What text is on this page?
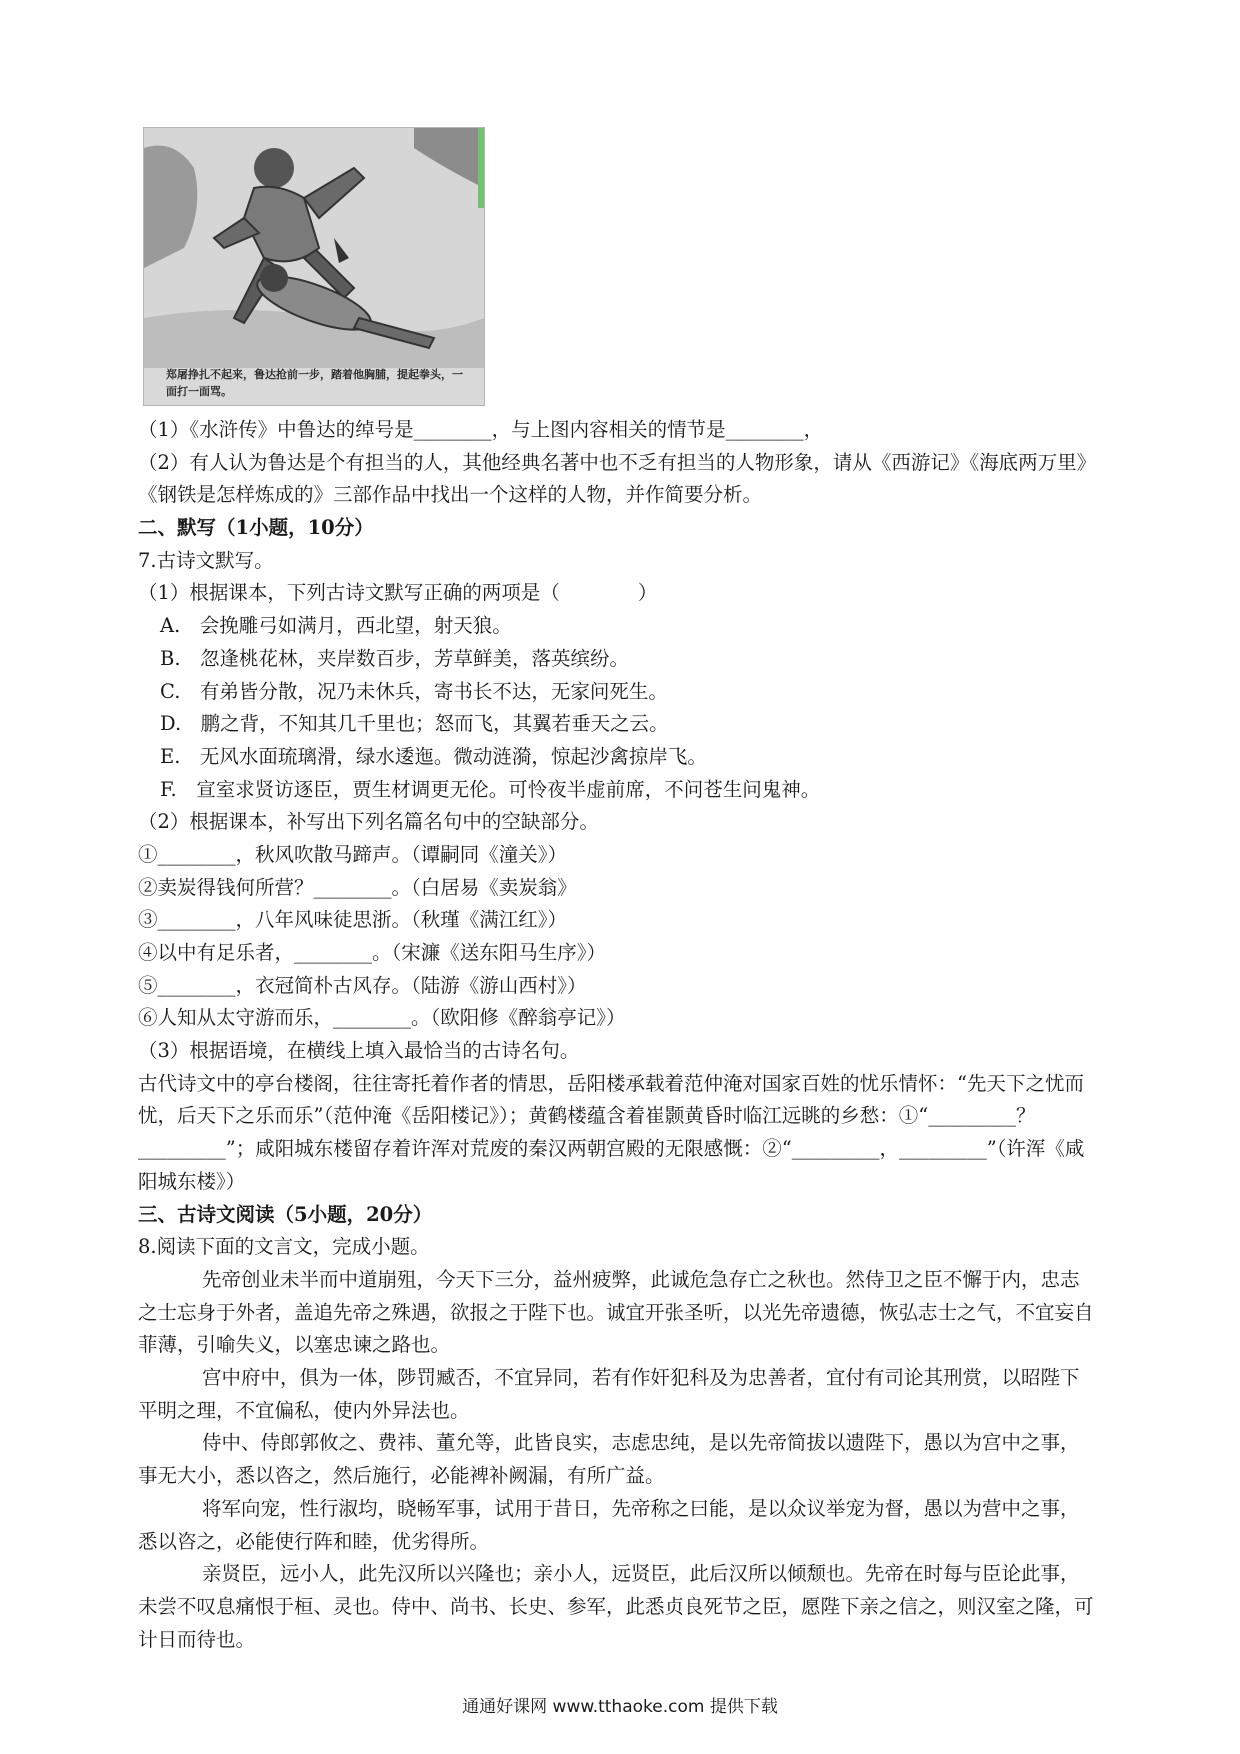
郑屠挣扎不起来，鲁达抢前一步，踏着他胸脯，提起拳头，一面打一面骂。
（1）《水浒传》中鲁达的绰号是________，与上图内容相关的情节是________，
（2）有人认为鲁达是个有担当的人，其他经典名著中也不乏有担当的人物形象，请从《西游记》《海底两万里》《钢铁是怎样炼成的》三部作品中找出一个这样的人物，并作简要分析。
二、默写（1小题，10分）
7.古诗文默写。
（1）根据课本，下列古诗文默写正确的两项是（　　　　）
A.　会挽雕弓如满月，西北望，射天狼。
B.　忽逢桃花林，夹岸数百步，芳草鲜美，落英缤纷。
C.　有弟皆分散，况乃未休兵，寄书长不达，无家问死生。
D.　鹏之背，不知其几千里也；怒而飞，其翼若垂天之云。
E.　无风水面琉璃滑，绿水逶迤。微动涟漪，惊起沙禽掠岸飞。
F.　宣室求贤访逐臣，贾生材调更无伦。可怜夜半虚前席，不问苍生问鬼神。
（2）根据课本，补写出下列名篇名句中的空缺部分。
①________，秋风吹散马蹄声。（谭嗣同《潼关》）
②卖炭得钱何所营？________。（白居易《卖炭翁》
③________，八年风味徒思浙。（秋瑾《满江红》）
④以中有足乐者，________。（宋濂《送东阳马生序》）
⑤________，衣冠简朴古风存。（陆游《游山西村》）
⑥人知从太守游而乐，________。（欧阳修《醉翁亭记》）
（3）根据语境，在横线上填入最恰当的古诗名句。
古代诗文中的亭台楼阁，往往寄托着作者的情思，岳阳楼承载着范仲淹对国家百姓的忧乐情怀：“先天下之忧而忧，后天下之乐而乐”（范仲淹《岳阳楼记》）；黄鹤楼蕴含着崔颢黄昏时临江远眺的乡愁：①“_________？_________”；咸阳城东楼留存着许浑对荒废的秦汉两朝宫殿的无限感慨：②“_________，_________”（许浑《咸阳城东楼》）
三、古诗文阅读（5小题，20分）
8.阅读下面的文言文，完成小题。
先帝创业未半而中道崩殂，今天下三分，益州疲弊，此诚危急存亡之秋也。然侍卫之臣不懈于内，忠志之士忘身于外者，盖追先帝之殊遇，欲报之于陛下也。诚宜开张圣听，以光先帝遗德，恢弘志士之气，不宜妄自菲薄，引喻失义，以塞忠谏之路也。
宫中府中，俱为一体，陟罚臧否，不宜异同，若有作奸犯科及为忠善者，宜付有司论其刑赏，以昭陛下平明之理，不宜偏私，使内外异法也。
侍中、侍郎郭攸之、费祎、董允等，此皆良实，志虑忠纯，是以先帝简拔以遗陛下，愚以为宫中之事，事无大小，悉以咨之，然后施行，必能裨补阙漏，有所广益。
将军向宠，性行淑均，晓畅军事，试用于昔日，先帝称之曰能，是以众议举宠为督，愚以为营中之事，悉以咨之，必能使行阵和睦，优劣得所。
亲贤臣，远小人，此先汉所以兴隆也；亲小人，远贤臣，此后汉所以倾颓也。先帝在时每与臣论此事，未尝不叹息痛恨于桓、灵也。侍中、尚书、长史、参军，此悉贞良死节之臣，愿陛下亲之信之，则汉室之隆，可计日而待也。
通通好课网 www.tthaoke.com 提供下载
